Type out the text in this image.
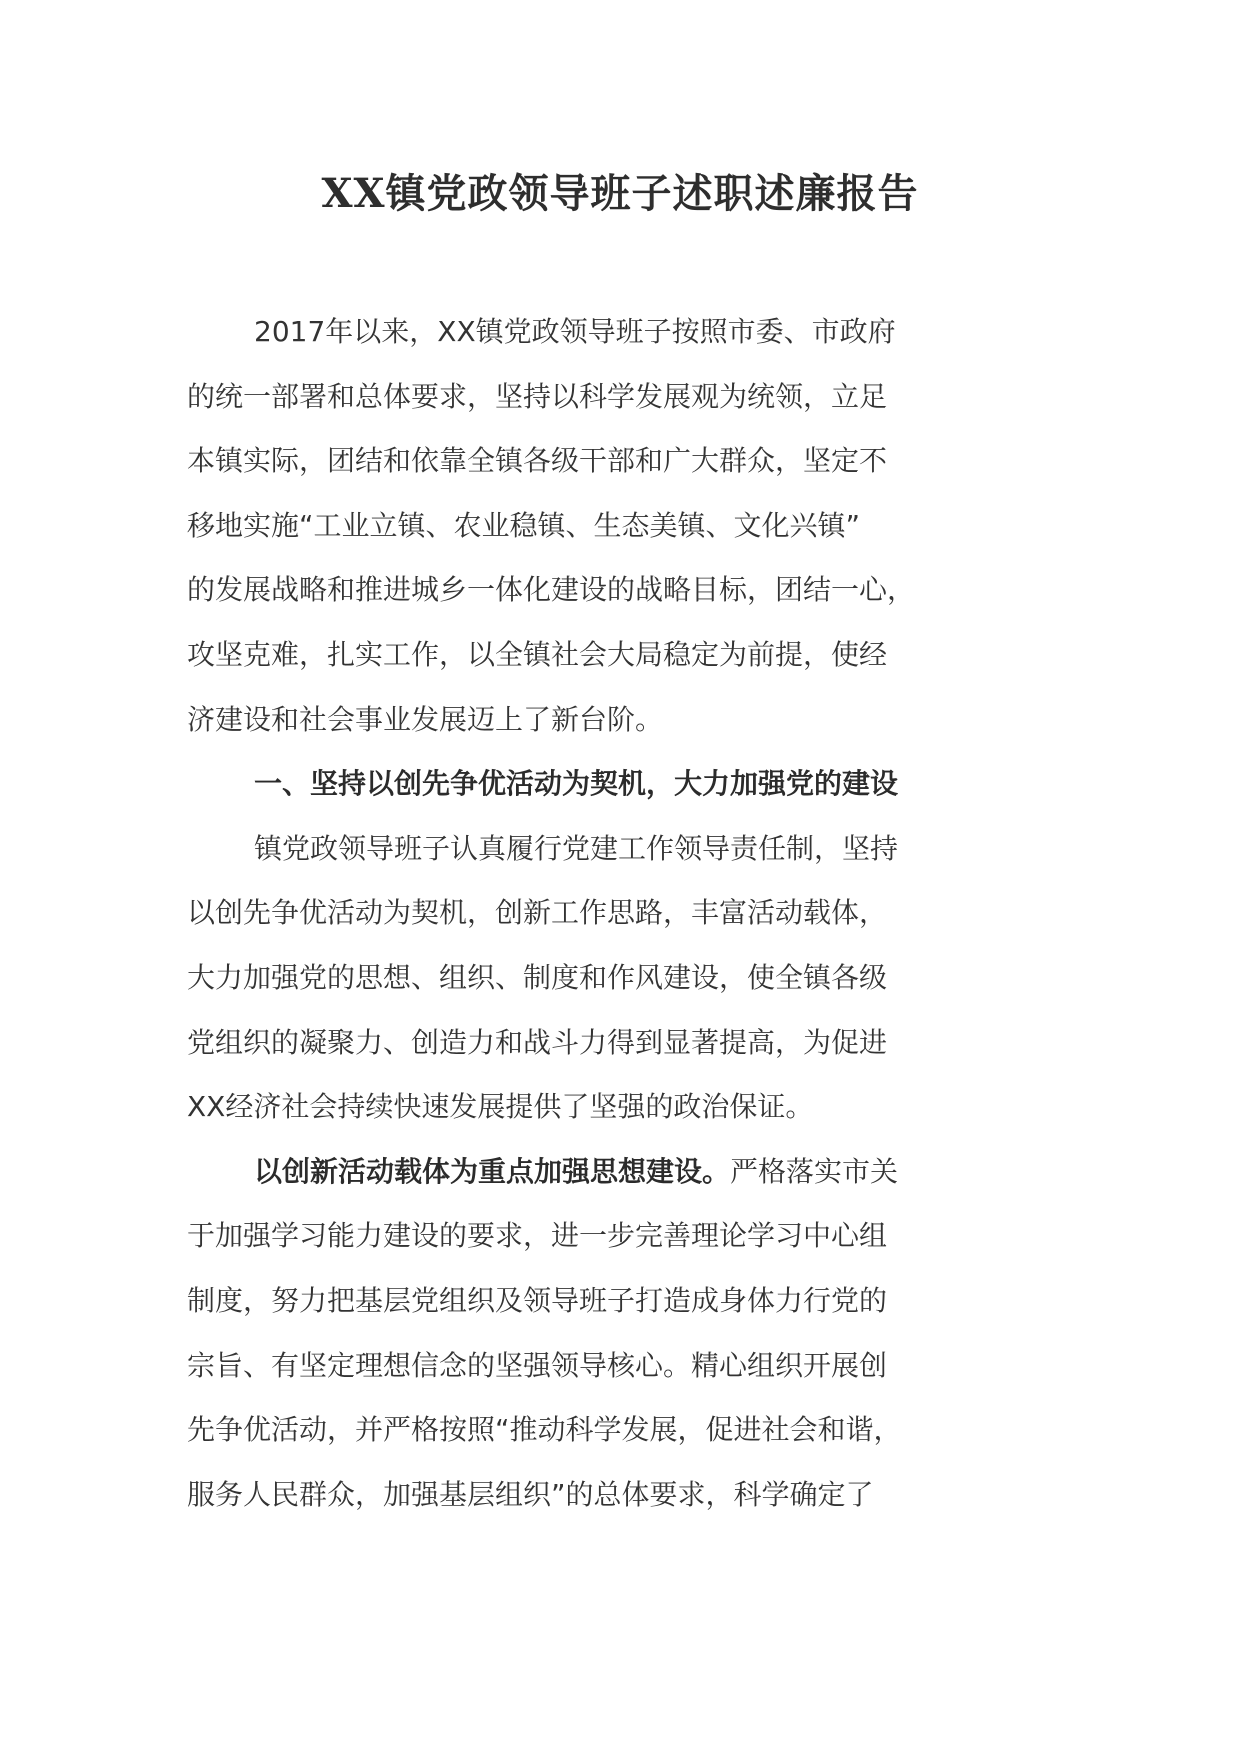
XX镇党政领导班子述职述廉报告
2017年以来，XX镇党政领导班子按照市委、市政府
的统一部署和总体要求，坚持以科学发展观为统领，立足
本镇实际，团结和依靠全镇各级干部和广大群众，坚定不
移地实施“工业立镇、农业稳镇、生态美镇、文化兴镇”
的发展战略和推进城乡一体化建设的战略目标，团结一心，
攻坚克难，扎实工作，以全镇社会大局稳定为前提，使经
济建设和社会事业发展迈上了新台阶。
一、坚持以创先争优活动为契机，大力加强党的建设
镇党政领导班子认真履行党建工作领导责任制，坚持
以创先争优活动为契机，创新工作思路，丰富活动载体，
大力加强党的思想、组织、制度和作风建设，使全镇各级
党组织的凝聚力、创造力和战斗力得到显著提高，为促进
XX经济社会持续快速发展提供了坚强的政治保证。
以创新活动载体为重点加强思想建设。严格落实市关
于加强学习能力建设的要求，进一步完善理论学习中心组
制度，努力把基层党组织及领导班子打造成身体力行党的
宗旨、有坚定理想信念的坚强领导核心。精心组织开展创
先争优活动，并严格按照“推动科学发展，促进社会和谐，
服务人民群众，加强基层组织”的总体要求，科学确定了
